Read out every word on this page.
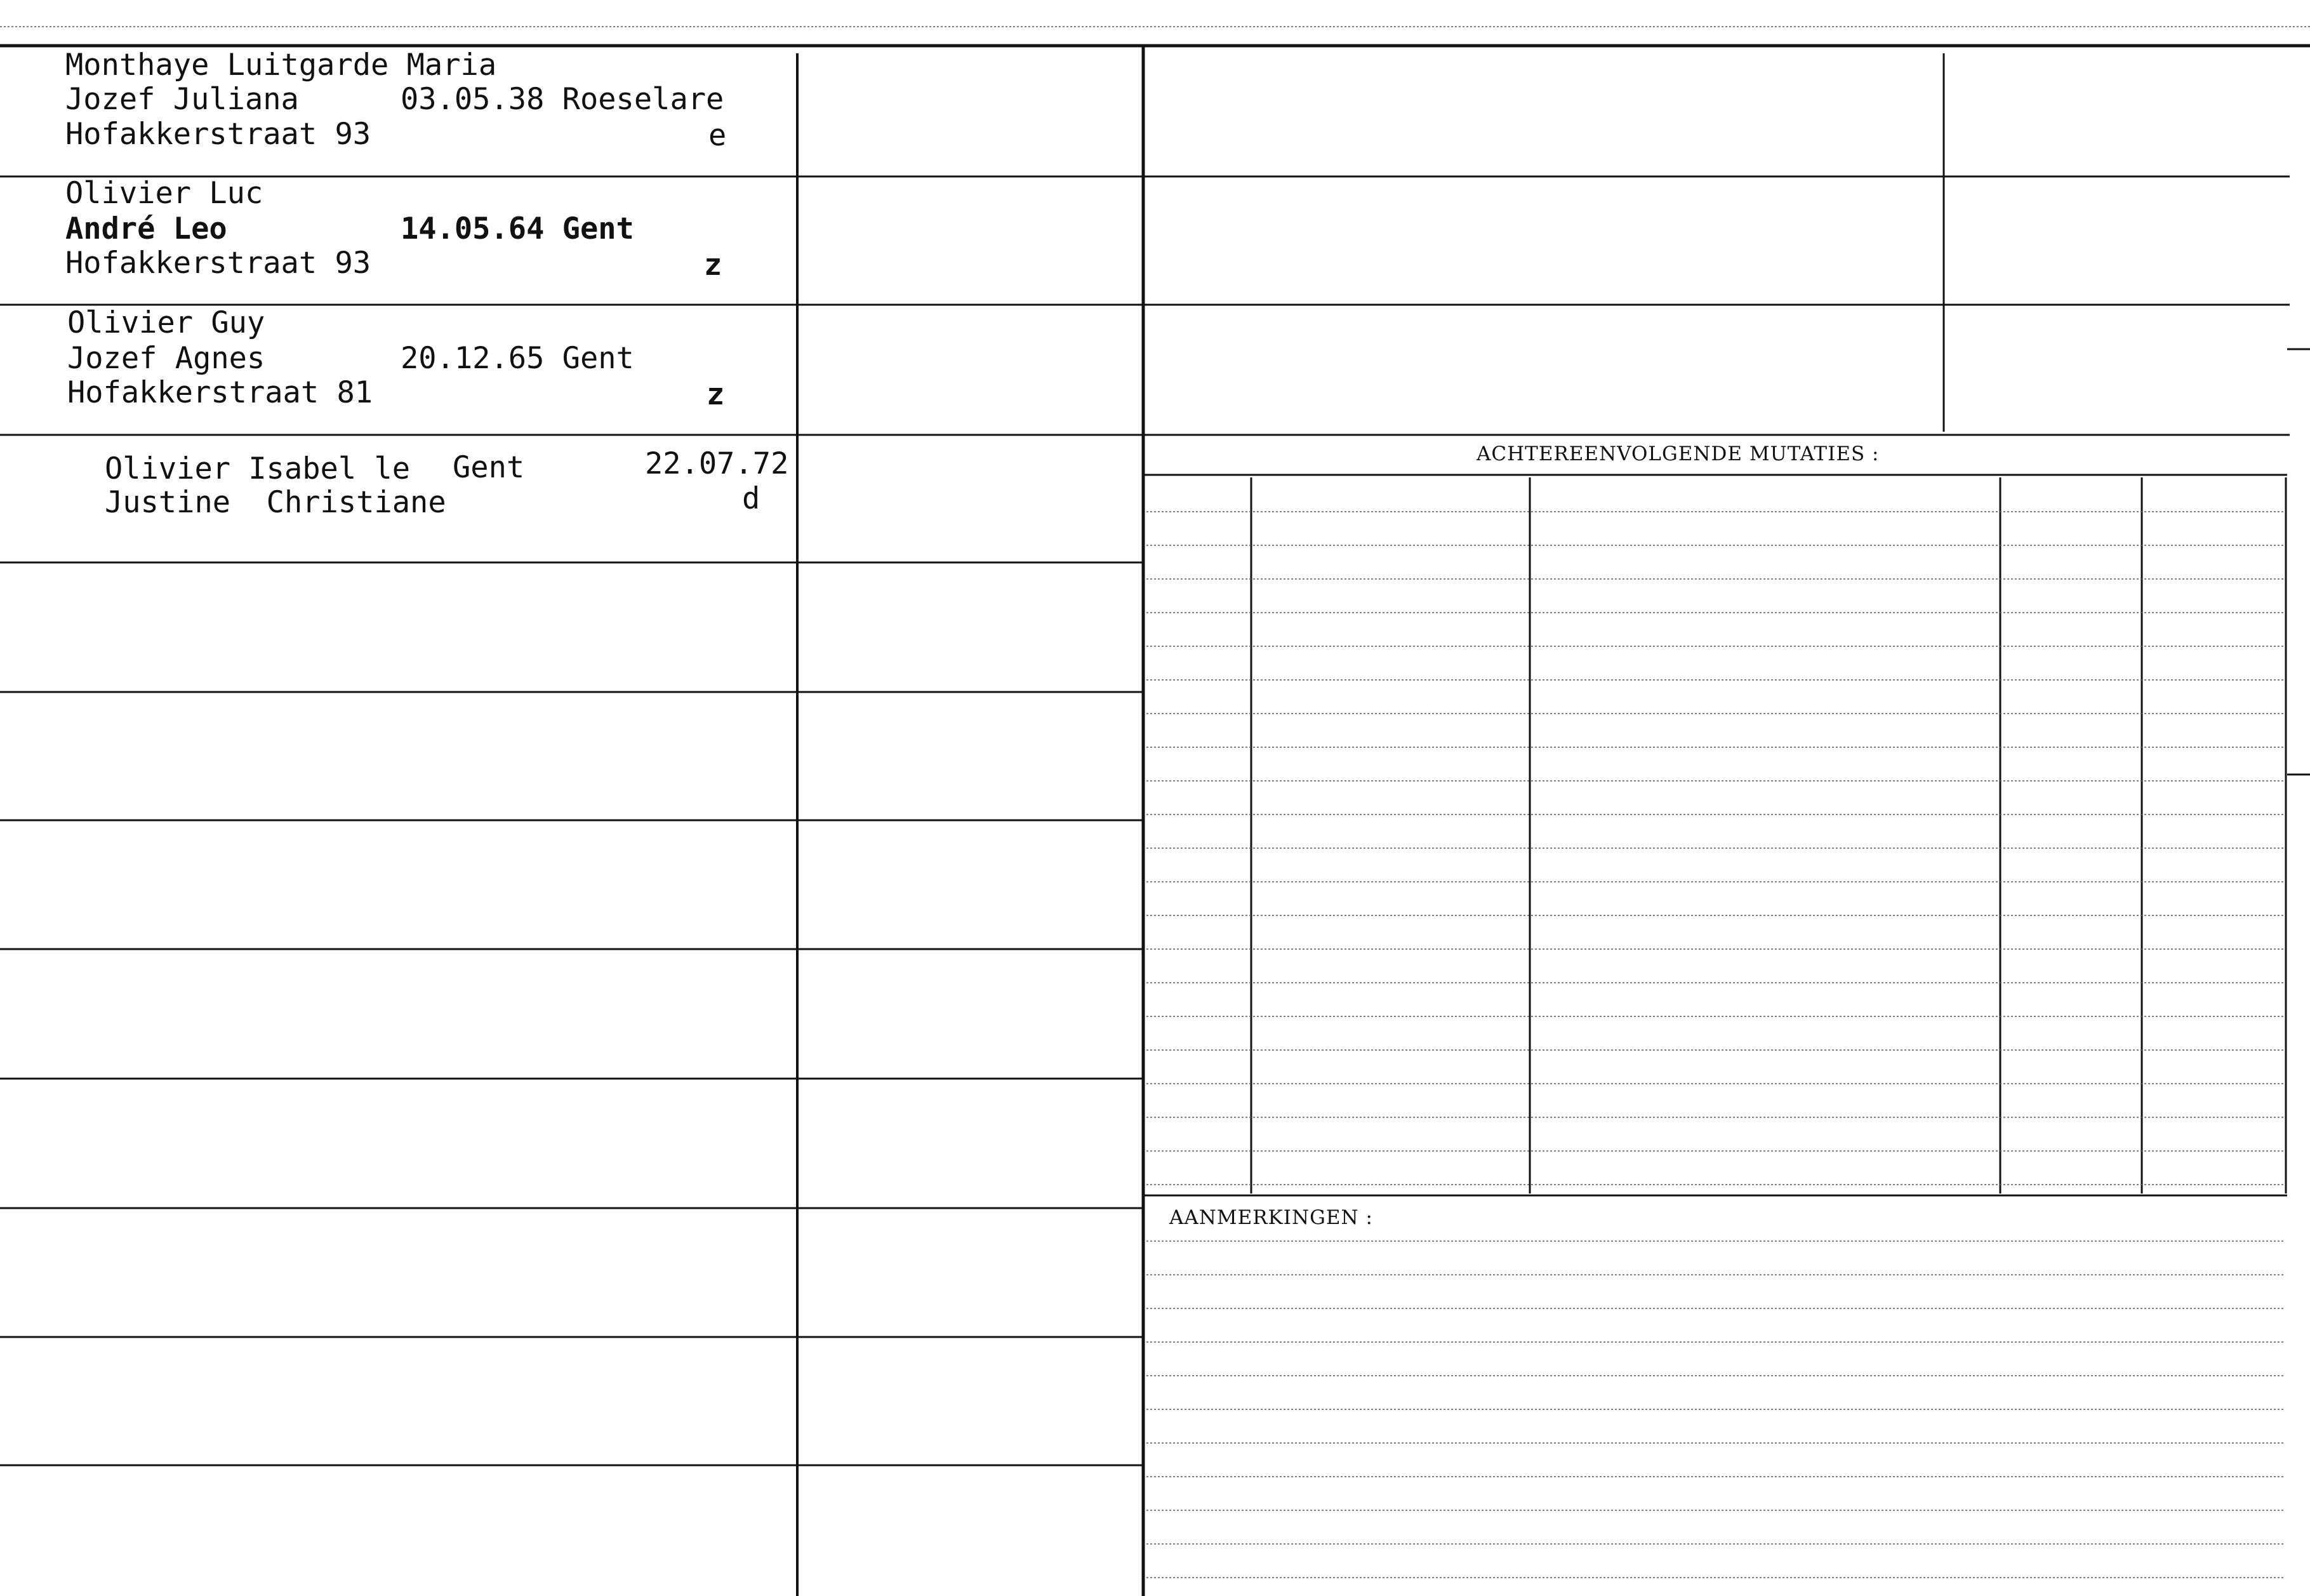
Monthaye Luitgarde Maria
Jozef Juliana	03.05.38 Roeselare
Hofakkerstraat 93	e
Olivier Luc
André Leo	14.05.64 Gent
Hofakkerstraat 93	z
Olivier Guy
Jozef Agnes	20.12.65 Gent
Hofakkerstraat 81	z
Olivier Isabel le Gent	22.07.72
Justine  Christiane	d
ACHTEREENVOLGENDE MUTATIES :
AANMERKINGEN :
